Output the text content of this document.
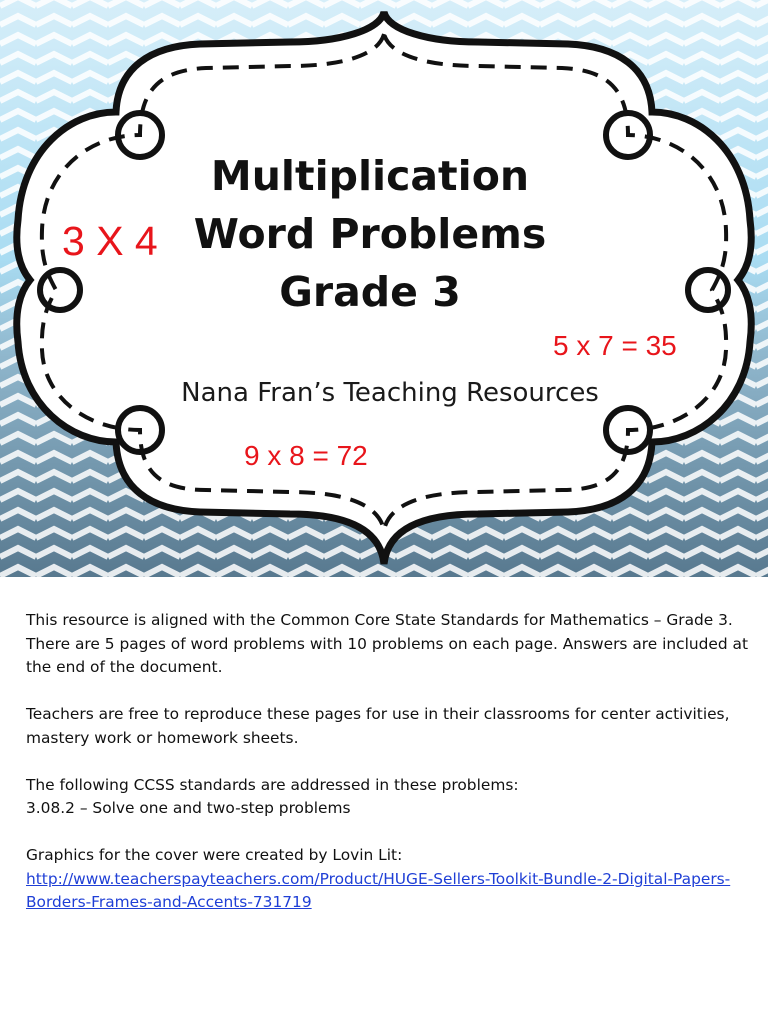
Multiplication
Word Problems
Grade 3
3 X 4
5 x 7 = 35
9 x 8 = 72
Nana Fran’s Teaching Resources

This resource is aligned with the Common Core State Standards for Mathematics – Grade 3. There are 5 pages of word problems with 10 problems on each page. Answers are included at the end of the document.

Teachers are free to reproduce these pages for use in their classrooms for center activities, mastery work or homework sheets.

The following CCSS standards are addressed in these problems:
3.08.2 – Solve one and two-step problems

Graphics for the cover were created by Lovin Lit:
http://www.teacherspayteachers.com/Product/HUGE-Sellers-Toolkit-Bundle-2-Digital-Papers-Borders-Frames-and-Accents-731719
